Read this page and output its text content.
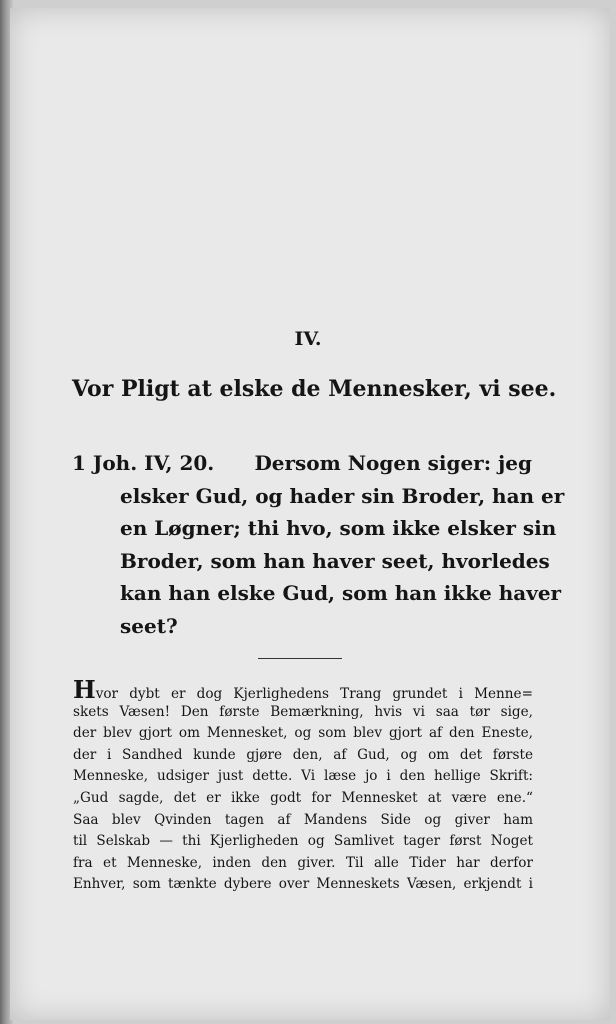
IV.
Vor Pligt at elske de Mennesker, vi see.
1 Joh. IV, 20.	Dersom Nogen siger: jeg
elsker Gud, og hader sin Broder, han er
en Løgner; thi hvo, som ikke elsker sin
Broder, som han haver seet, hvorledes
kan han elske Gud, som han ikke haver
seet?
Hvor dybt er dog Kjerlighedens Trang grundet i Menne=
skets Væsen! Den første Bemærkning, hvis vi saa tør sige,
der blev gjort om Mennesket, og som blev gjort af den Eneste,
der i Sandhed kunde gjøre den, af Gud, og om det første
Menneske, udsiger just dette. Vi læse jo i den hellige Skrift:
„Gud sagde, det er ikke godt for Mennesket at være ene.“
Saa blev Qvinden tagen af Mandens Side og giver ham
til Selskab — thi Kjerligheden og Samlivet tager først Noget
fra et Menneske, inden den giver. Til alle Tider har derfor
Enhver, som tænkte dybere over Menneskets Væsen, erkjendt i
